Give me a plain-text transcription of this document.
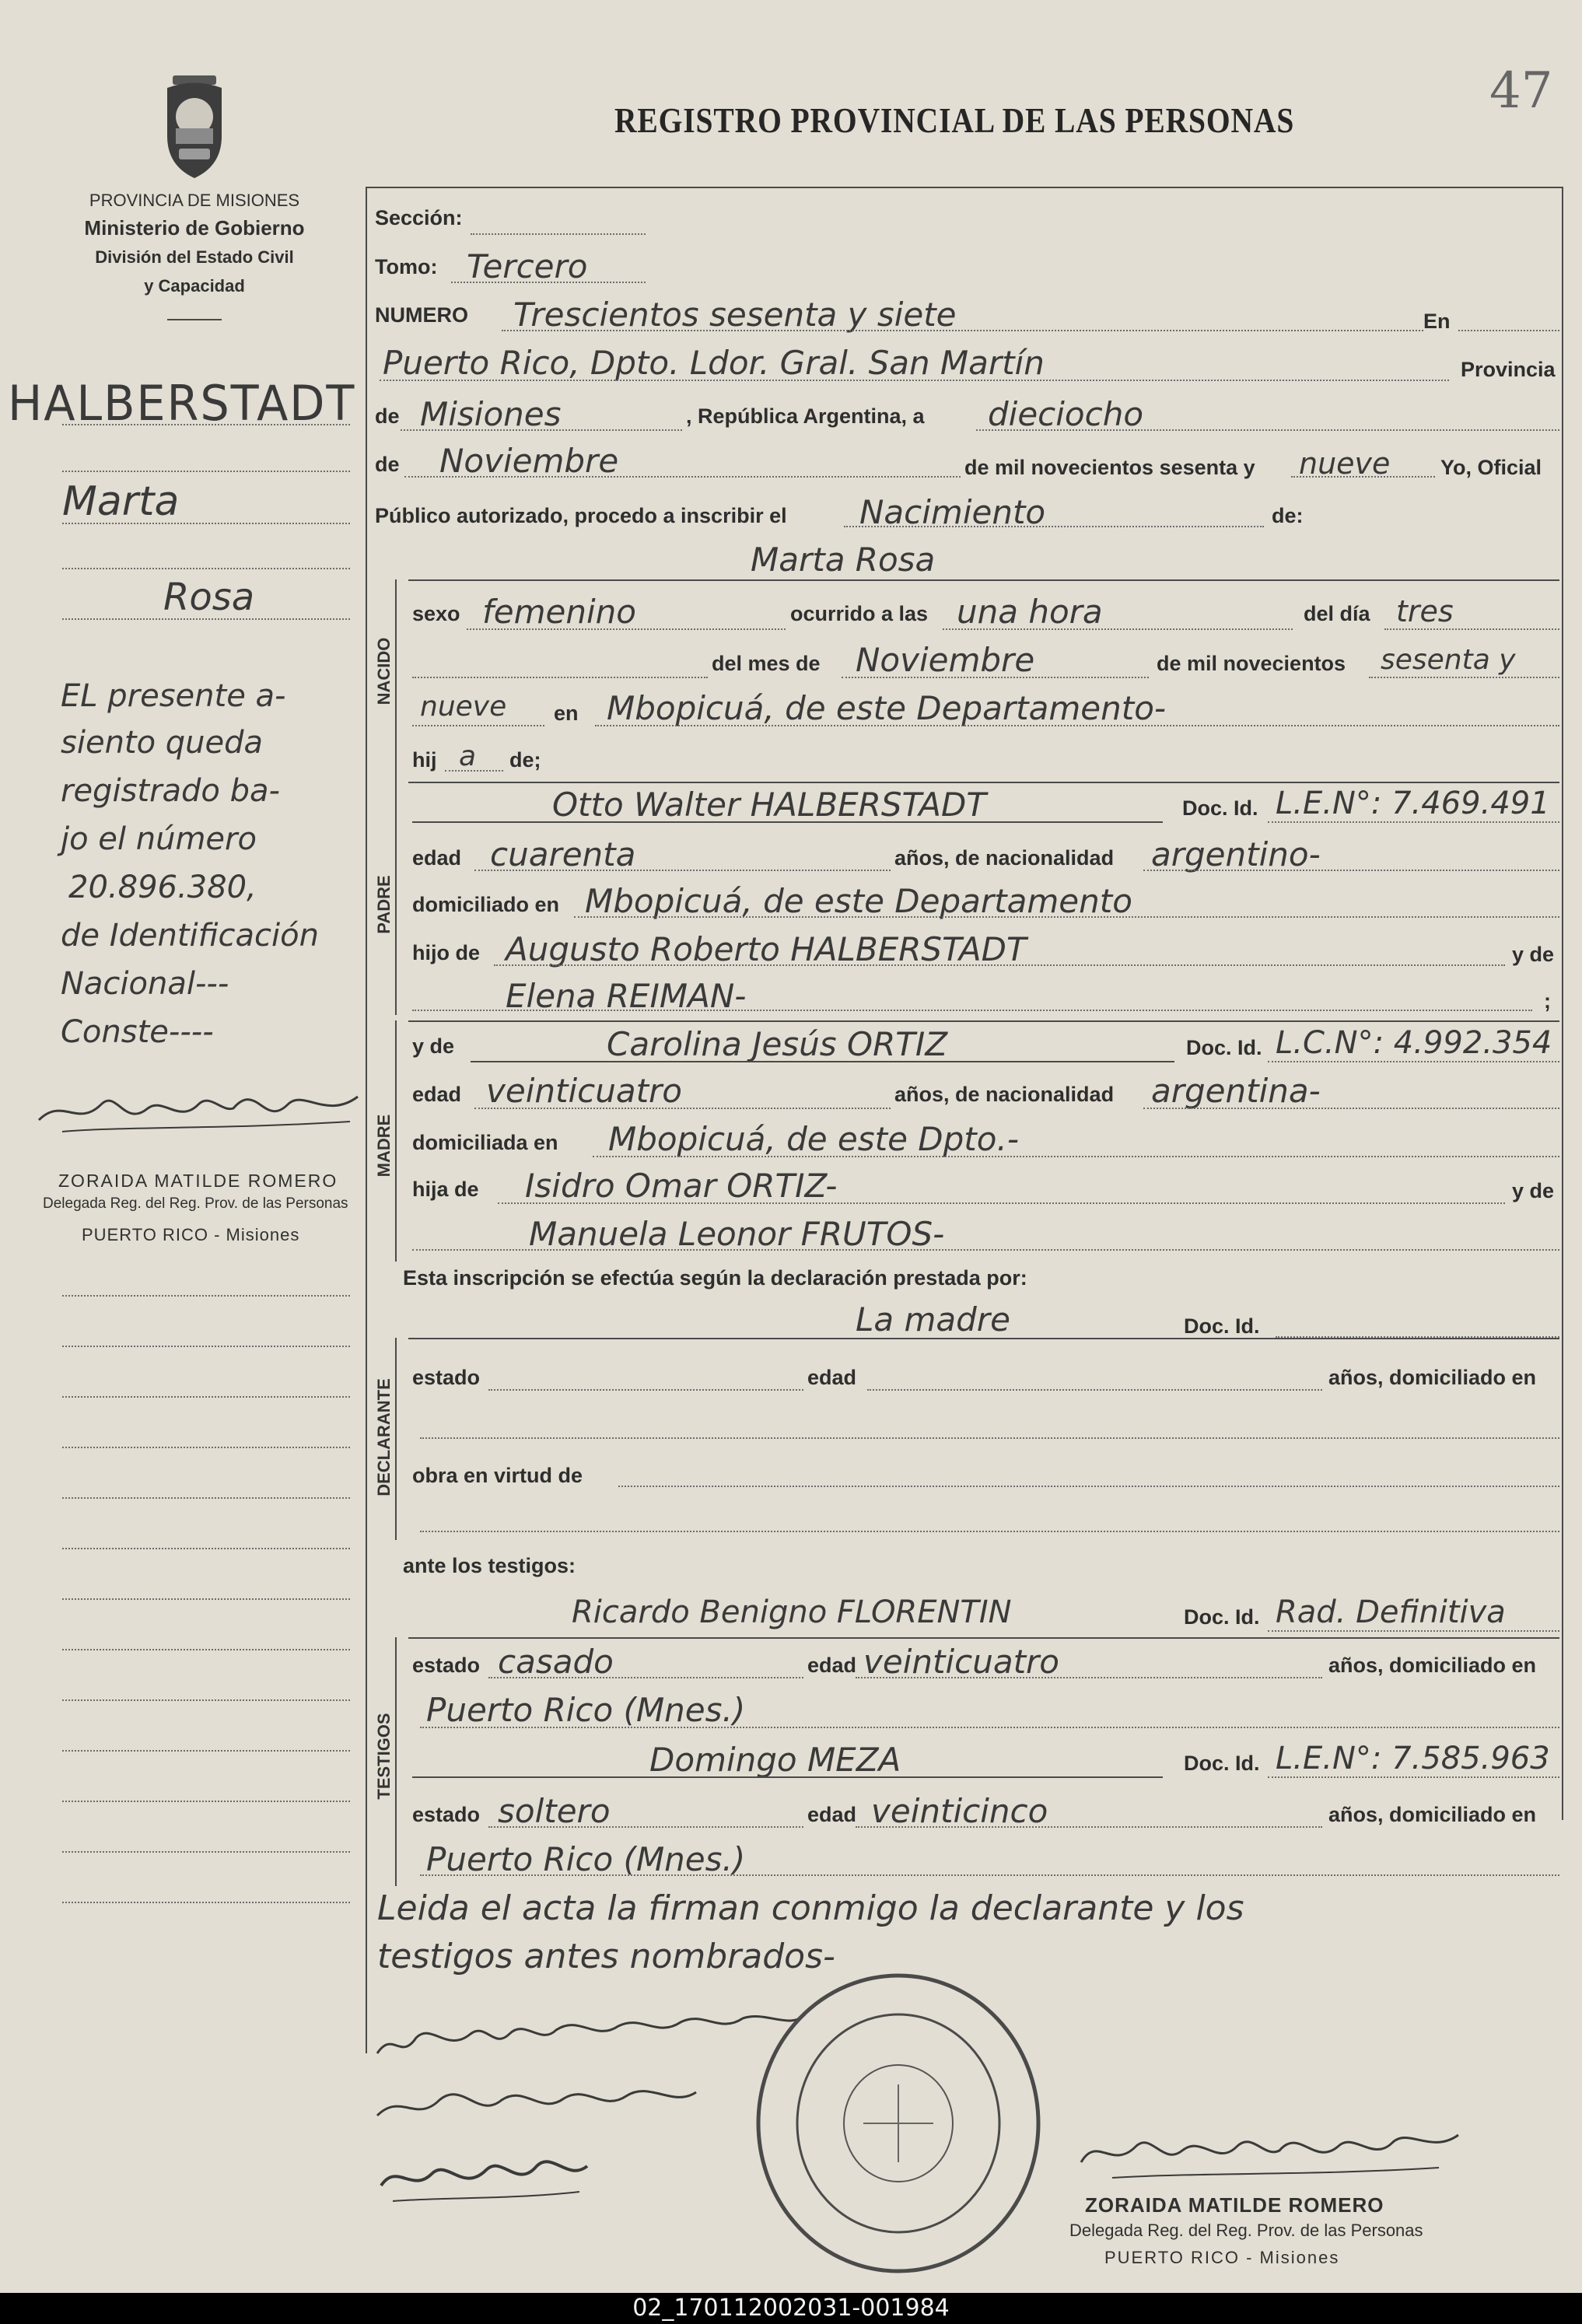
PROVINCIA DE MISIONES
Ministerio de Gobierno
División del Estado Civil
y Capacidad
REGISTRO PROVINCIAL DE LAS PERSONAS
47
HALBERSTADT
Marta
Rosa
EL presente a-
siento queda
registrado ba-
jo el número
20.896.380,
de Identificación
Nacional---
Conste----
ZORAIDA MATILDE ROMERO
Delegada Reg. del Reg. Prov. de las Personas
PUERTO RICO - Misiones
Sección:
Tomo: Tercero
NUMERO Trescientos sesenta y siete	En
Puerto Rico, Dpto. Ldor. Gral. San Martín	Provincia
de Misiones	, República Argentina, a dieciocho
de Noviembre	de mil novecientos sesenta y nueve Yo, Oficial
Público autorizado, procedo a inscribir el Nacimiento	de:
Marta Rosa
NACIDO
sexo femenino	ocurrido a las una hora	del día tres
del mes de Noviembre	de mil novecientos sesenta y
nueve en Mbopicuá, de este Departamento-
hij a de;
PADRE
Otto Walter HALBERSTADT	Doc. Id. L.E.N°: 7.469.491
edad cuarenta	años, de nacionalidad argentino-
domiciliado en Mbopicuá, de este Departamento
hijo de Augusto Roberto HALBERSTADT	y de
Elena REIMAN-	;
MADRE
y de	Carolina Jesús ORTIZ	Doc. Id. L.C.N°: 4.992.354
edad veinticuatro	años, de nacionalidad argentina-
domiciliada en Mbopicuá, de este Dpto.-
hija de Isidro Omar ORTIZ-	y de
Manuela Leonor FRUTOS-
Esta inscripción se efectúa según la declaración prestada por:
DECLARANTE
La madre	Doc. Id.
estado	edad	años, domiciliado en
obra en virtud de
ante los testigos:
TESTIGOS
Ricardo Benigno FLORENTIN	Doc. Id. Rad. Definitiva
estado casado	edad veinticuatro	años, domiciliado en
Puerto Rico (Mnes.)
Domingo MEZA	Doc. Id. L.E.N°: 7.585.963
estado soltero	edad veinticinco	años, domiciliado en
Puerto Rico (Mnes.)
Leida el acta la firman conmigo la declarante y los
testigos antes nombrados-
ZORAIDA MATILDE ROMERO
Delegada Reg. del Reg. Prov. de las Personas
PUERTO RICO - Misiones
02_170112002031-001984
